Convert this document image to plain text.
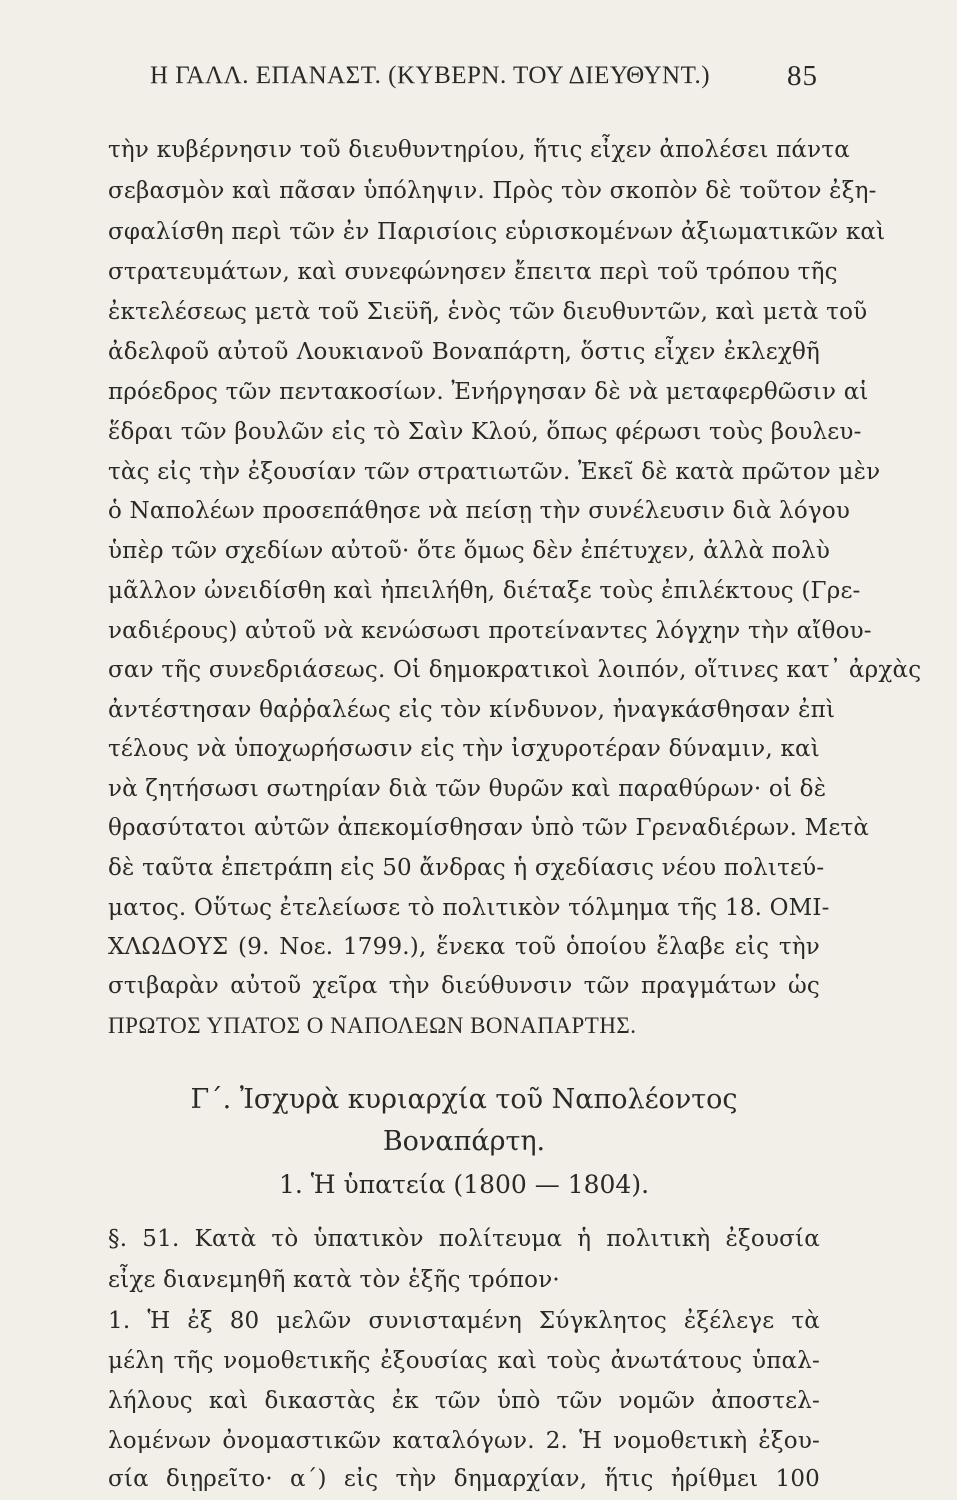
Η ΓΑΛΛ. ΕΠΑΝΑΣΤ. (ΚΥΒΕΡΝ. ΤΟΥ ΔΙΕΥΘΥΝΤ.)	85
τὴν κυβέρνησιν τοῦ διευθυντηρίου, ἥτις εἶχεν ἀπολέσει πάντα
σεβασμὸν καὶ πᾶσαν ὑπόληψιν. Πρὸς τὸν σκοπὸν δὲ τοῦτον ἐξη-
σφαλίσθη περὶ τῶν ἐν Παρισίοις εὑρισκομένων ἀξιωματικῶν καὶ
στρατευμάτων, καὶ συνεφώνησεν ἔπειτα περὶ τοῦ τρόπου τῆς
ἐκτελέσεως μετὰ τοῦ Σιεϋῆ, ἑνὸς τῶν διευθυντῶν, καὶ μετὰ τοῦ
ἀδελφοῦ αὐτοῦ Λουκιανοῦ Βοναπάρτη, ὅστις εἶχεν ἐκλεχθῆ
πρόεδρος τῶν πεντακοσίων. Ἐνήργησαν δὲ νὰ μεταφερθῶσιν αἱ
ἕδραι τῶν βουλῶν εἰς τὸ Σαὶν Κλού, ὅπως φέρωσι τοὺς βουλευ-
τὰς εἰς τὴν ἐξουσίαν τῶν στρατιωτῶν. Ἐκεῖ δὲ κατὰ πρῶτον μὲν
ὁ Ναπολέων προσεπάθησε νὰ πείσῃ τὴν συνέλευσιν διὰ λόγου
ὑπὲρ τῶν σχεδίων αὐτοῦ· ὅτε ὅμως δὲν ἐπέτυχεν, ἀλλὰ πολὺ
μᾶλλον ὠνειδίσθη καὶ ἠπειλήθη, διέταξε τοὺς ἐπιλέκτους (Γρε-
ναδιέρους) αὐτοῦ νὰ κενώσωσι προτείναντες λόγχην τὴν αἴθου-
σαν τῆς συνεδριάσεως. Οἱ δημοκρατικοὶ λοιπόν, οἵτινες κατ᾽ ἀρχὰς
ἀντέστησαν θαῤῥαλέως εἰς τὸν κίνδυνον, ἠναγκάσθησαν ἐπὶ
τέλους νὰ ὑποχωρήσωσιν εἰς τὴν ἰσχυροτέραν δύναμιν, καὶ
νὰ ζητήσωσι σωτηρίαν διὰ τῶν θυρῶν καὶ παραθύρων· οἱ δὲ
θρασύτατοι αὐτῶν ἀπεκομίσθησαν ὑπὸ τῶν Γρεναδιέρων. Μετὰ
δὲ ταῦτα ἐπετράπη εἰς 50 ἄνδρας ἡ σχεδίασις νέου πολιτεύ-
ματος. Οὕτως ἐτελείωσε τὸ πολιτικὸν τόλμημα τῆς 18. ΟΜΙ-
ΧΛΩΔΟΥΣ (9. Νοε. 1799.), ἕνεκα τοῦ ὁποίου ἔλαβε εἰς τὴν
στιβαρὰν αὐτοῦ χεῖρα τὴν διεύθυνσιν τῶν πραγμάτων ὡς
ΠΡΩΤΟΣ ΥΠΑΤΟΣ Ο ΝΑΠΟΛΕΩΝ ΒΟΝΑΠΑΡΤΗΣ.
Γ΄. Ἰσχυρὰ κυριαρχία τοῦ Ναπολέοντος
Βοναπάρτη.
1. Ἡ ὑπατεία (1800 — 1804).
§. 51. Κατὰ τὸ ὑπατικὸν πολίτευμα ἡ πολιτικὴ ἐξουσία
εἶχε διανεμηθῆ κατὰ τὸν ἑξῆς τρόπον·
1. Ἡ ἐξ 80 μελῶν συνισταμένη Σύγκλητος ἐξέλεγε τὰ
μέλη τῆς νομοθετικῆς ἐξουσίας καὶ τοὺς ἀνωτάτους ὑπαλ-
λήλους καὶ δικαστὰς ἐκ τῶν ὑπὸ τῶν νομῶν ἀποστελ-
λομένων ὀνομαστικῶν καταλόγων. 2. Ἡ νομοθετικὴ ἐξου-
σία διῃρεῖτο· α΄) εἰς τὴν δημαρχίαν, ἥτις ἠρίθμει 100
